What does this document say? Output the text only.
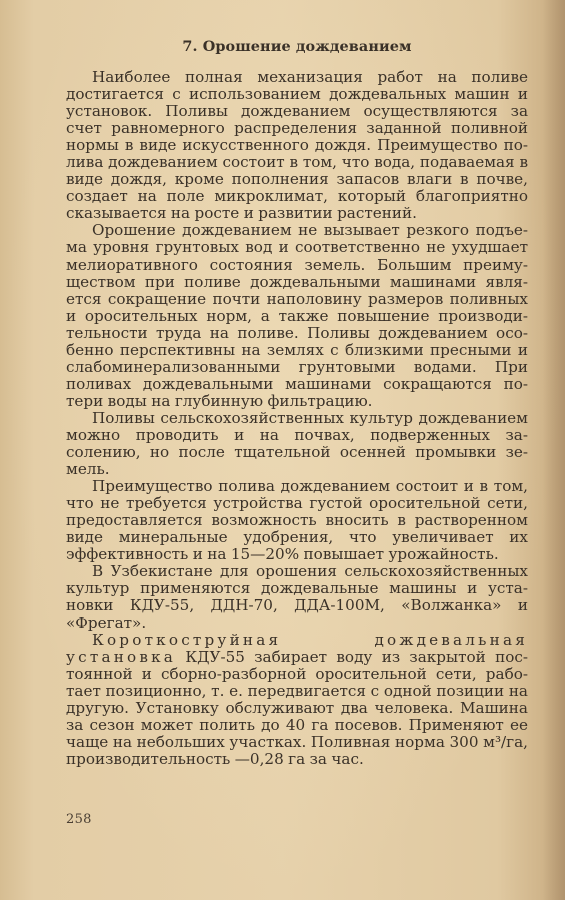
7. Орошение дождеванием

Наиболее полная механизация работ на поливе достигается с использованием дождевальных машин и установок. Поливы дождеванием осуществляются за счет равномерного распределения заданной поливной нормы в виде искусственного дождя. Преимущество полива дождеванием состоит в том, что вода, подаваемая в виде дождя, кроме пополнения запасов влаги в почве, создает на поле микроклимат, который благоприятно сказывается на росте и развитии растений.

Орошение дождеванием не вызывает резкого подъема уровня грунтовых вод и соответственно не ухудшает мелиоративного состояния земель. Большим преимуществом при поливе дождевальными машинами является сокращение почти наполовину размеров поливных и оросительных норм, а также повышение производительности труда на поливе. Поливы дождеванием особенно перспективны на землях с близкими пресными и слабоминерализованными грунтовыми водами. При поливах дождевальными машинами сокращаются потери воды на глубинную фильтрацию.

Поливы сельскохозяйственных культур дождеванием можно проводить и на почвах, подверженных засолению, но после тщательной осенней промывки земель.

Преимущество полива дождеванием состоит и в том, что не требуется устройства густой оросительной сети, предоставляется возможность вносить в растворенном виде минеральные удобрения, что увеличивает их эффективность и на 15—20% повышает урожайность.

В Узбекистане для орошения сельскохозяйственных культур применяются дождевальные машины и установки КДУ-55, ДДН-70, ДДА-100М, «Волжанка» и «Фрегат».

Короткоструйная дождевальная установка КДУ-55 забирает воду из закрытой постоянной и сборно-разборной оросительной сети, работает позиционно, т. е. передвигается с одной позиции на другую. Установку обслуживают два человека. Машина за сезон может полить до 40 га посевов. Применяют ее чаще на небольших участках. Поливная норма 300 м³/га, производительность —0,28 га за час.

258
